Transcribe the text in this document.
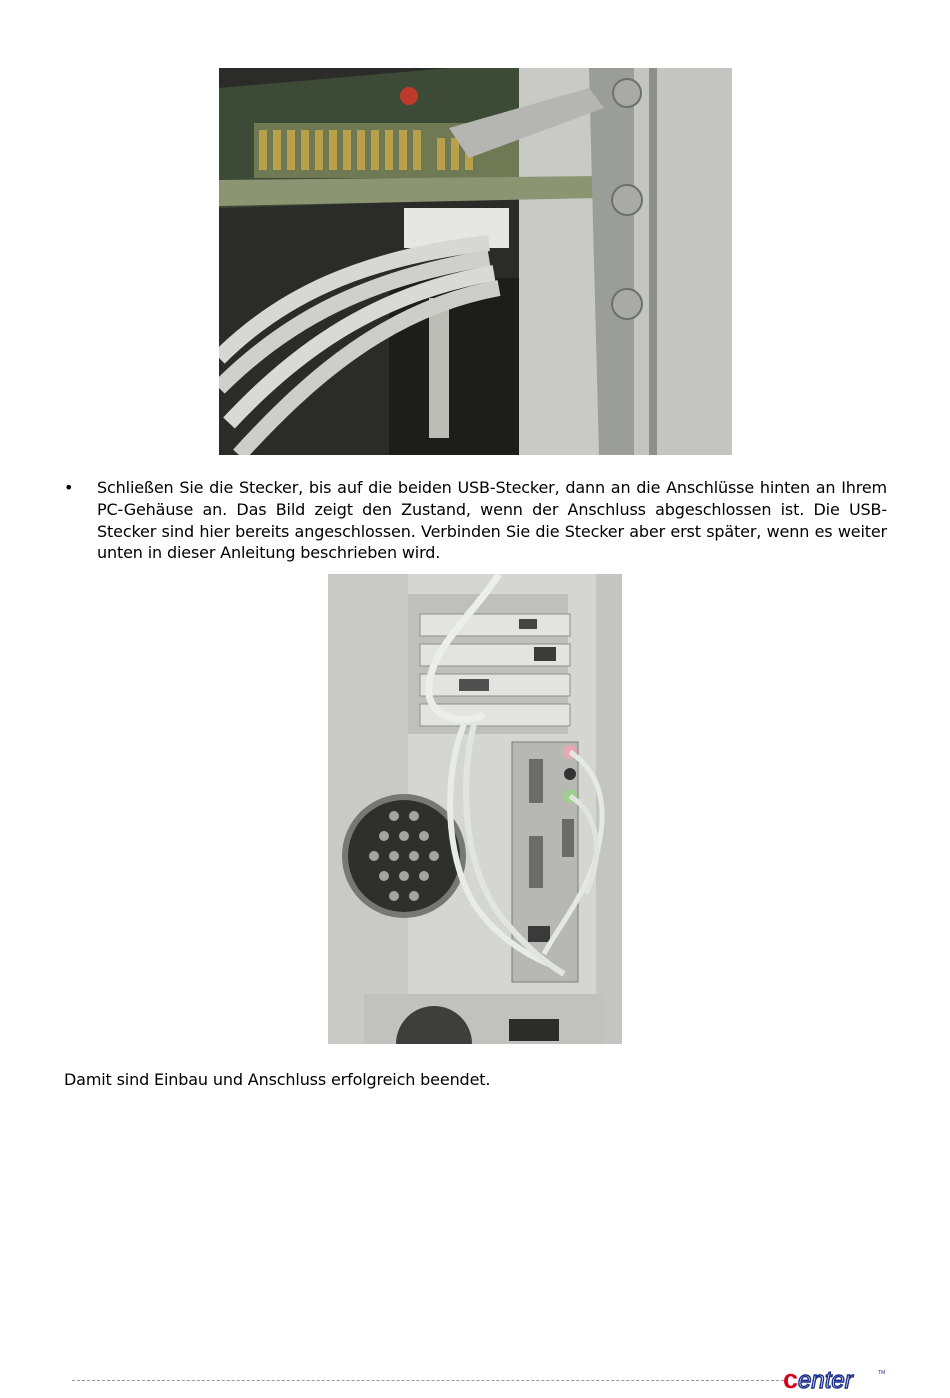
• Schließen Sie die Stecker, bis auf die beiden USB-Stecker, dann an die Anschlüsse hinten an Ihrem PC-Gehäuse an. Das Bild zeigt den Zustand, wenn der Anschluss abgeschlossen ist. Die USB-Stecker sind hier bereits angeschlossen. Verbinden Sie die Stecker aber erst später, wenn es weiter unten in dieser Anleitung beschrieben wird.
Damit sind Einbau und Anschluss erfolgreich beendet.
c enter	TM
